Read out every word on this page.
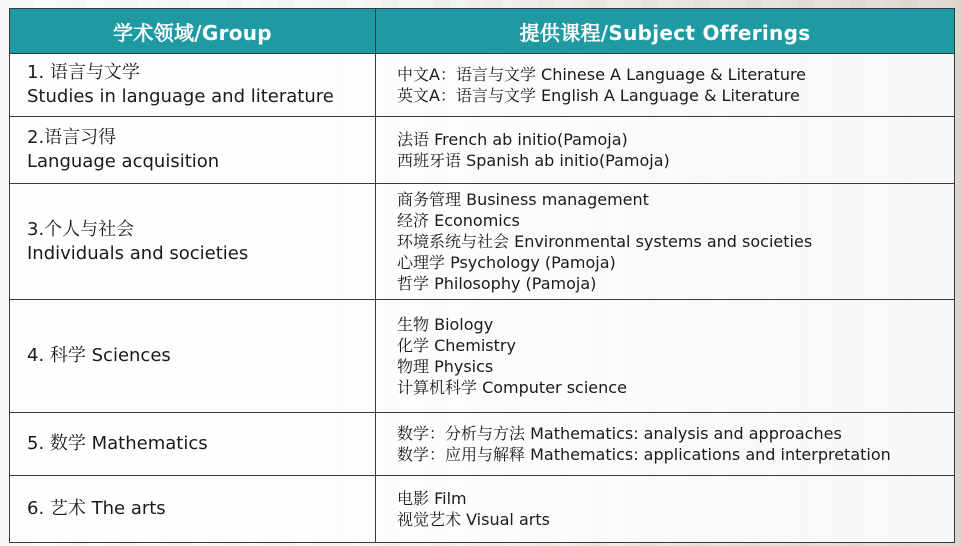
学术领域/Group	提供课程/Subject Offerings

1. 语言与文学
Studies in language and literature	中文A：语言与文学 Chinese A Language & Literature
英文A：语言与文学 English A Language & Literature

2.语言习得
Language acquisition	法语 French ab initio(Pamoja)
西班牙语 Spanish ab initio(Pamoja)

3.个人与社会
Individuals and societies	商务管理 Business management
经济 Economics
环境系统与社会 Environmental systems and societies
心理学 Psychology (Pamoja)
哲学 Philosophy (Pamoja)

4. 科学 Sciences	生物 Biology
化学 Chemistry
物理 Physics
计算机科学 Computer science

5. 数学 Mathematics	数学：分析与方法 Mathematics: analysis and approaches
数学：应用与解释 Mathematics: applications and interpretation

6. 艺术 The arts	电影 Film
视觉艺术 Visual arts
